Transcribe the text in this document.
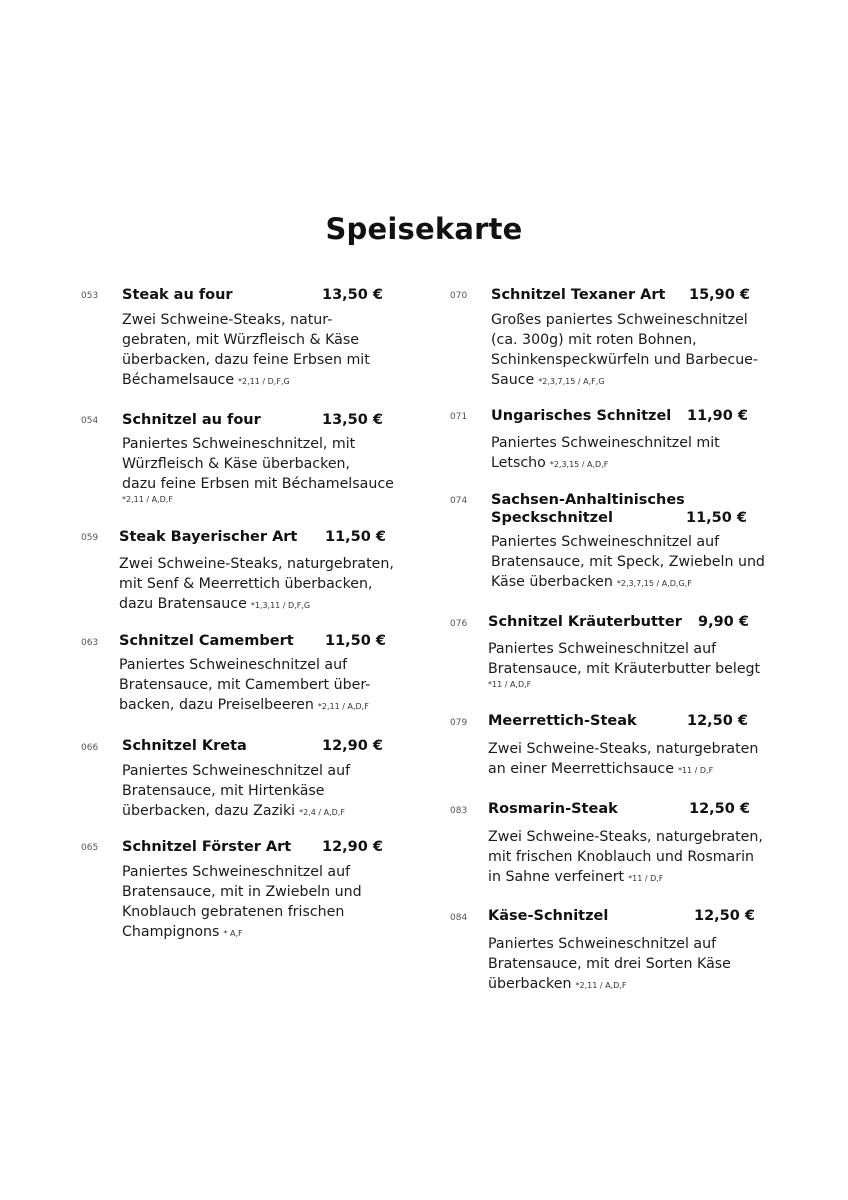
Speisekarte
053 Steak au four	13,50 €
Zwei Schweine-Steaks, natur-
gebraten, mit Würzfleisch & Käse
überbacken, dazu feine Erbsen mit
Béchamelsauce *2,11 / D,F,G
054 Schnitzel au four	13,50 €
Paniertes Schweineschnitzel, mit
Würzfleisch & Käse überbacken,
dazu feine Erbsen mit Béchamelsauce
*2,11 / A,D,F
059 Steak Bayerischer Art 11,50 €
Zwei Schweine-Steaks, naturgebraten,
mit Senf & Meerrettich überbacken,
dazu Bratensauce *1,3,11 / D,F,G
063 Schnitzel Camembert 11,50 €
Paniertes Schweineschnitzel auf
Bratensauce, mit Camembert über-
backen, dazu Preiselbeeren *2,11 / A,D,F
066 Schnitzel Kreta	12,90 €
Paniertes Schweineschnitzel auf
Bratensauce, mit Hirtenkäse
überbacken, dazu Zaziki *2,4 / A,D,F
065 Schnitzel Förster Art 12,90 €
Paniertes Schweineschnitzel auf
Bratensauce, mit in Zwiebeln und
Knoblauch gebratenen frischen
Champignons * A,F
070 Schnitzel Texaner Art 15,90 €
Großes paniertes Schweineschnitzel
(ca. 300g) mit roten Bohnen,
Schinkenspeckwürfeln und Barbecue-
Sauce *2,3,7,15 / A,F,G
071 Ungarisches Schnitzel 11,90 €
Paniertes Schweineschnitzel mit
Letscho *2,3,15 / A,D,F
074 Sachsen-Anhaltinisches
Speckschnitzel	11,50 €
Paniertes Schweineschnitzel auf
Bratensauce, mit Speck, Zwiebeln und
Käse überbacken *2,3,7,15 / A,D,G,F
076 Schnitzel Kräuterbutter 9,90 €
Paniertes Schweineschnitzel auf
Bratensauce, mit Kräuterbutter belegt
*11 / A,D,F
079 Meerrettich-Steak	12,50 €
Zwei Schweine-Steaks, naturgebraten
an einer Meerrettichsauce *11 / D,F
083 Rosmarin-Steak	12,50 €
Zwei Schweine-Steaks, naturgebraten,
mit frischen Knoblauch und Rosmarin
in Sahne verfeinert *11 / D,F
084 Käse-Schnitzel	12,50 €
Paniertes Schweineschnitzel auf
Bratensauce, mit drei Sorten Käse
überbacken *2,11 / A,D,F
